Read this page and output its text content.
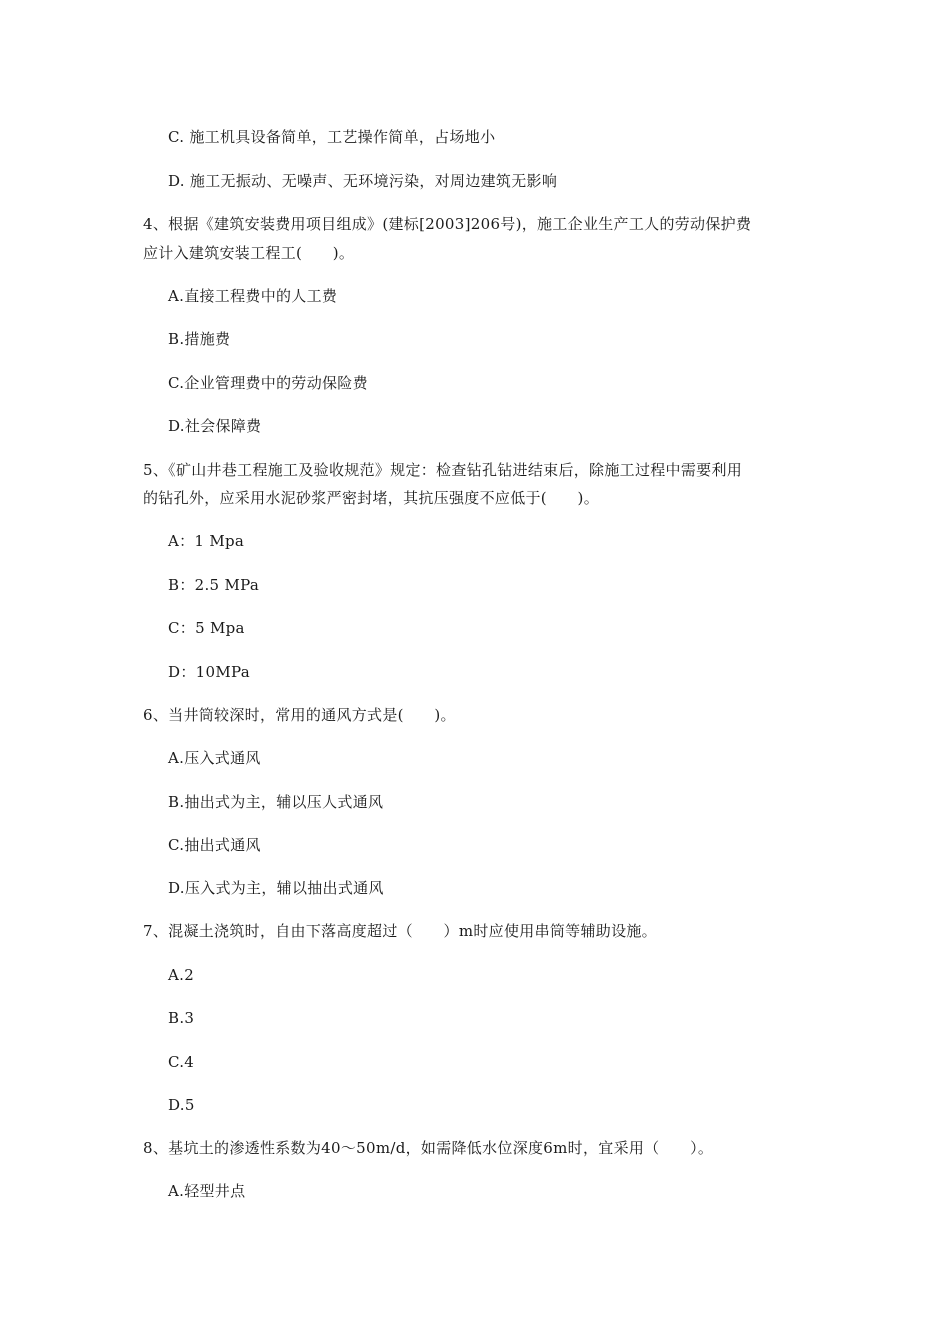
C. 施工机具设备简单，工艺操作简单，占场地小
D. 施工无振动、无噪声、无环境污染，对周边建筑无影响
4、根据《建筑安装费用项目组成》(建标[2003]206号)，施工企业生产工人的劳动保护费
应计入建筑安装工程工(　　)。
A.直接工程费中的人工费
B.措施费
C.企业管理费中的劳动保险费
D.社会保障费
5、《矿山井巷工程施工及验收规范》规定：检查钻孔钻进结束后，除施工过程中需要利用
的钻孔外，应采用水泥砂浆严密封堵，其抗压强度不应低于(　　)。
A：1 Mpa
B：2.5 MPa
C：5 Mpa
D：10MPa
6、当井筒较深时，常用的通风方式是(　　)。
A.压入式通风
B.抽出式为主，辅以压人式通风
C.抽出式通风
D.压入式为主，辅以抽出式通风
7、混凝土浇筑时，自由下落高度超过（　　）m时应使用串筒等辅助设施。
A.2
B.3
C.4
D.5
8、基坑土的渗透性系数为40～50m/d，如需降低水位深度6m时，宜采用（　　）。
A.轻型井点
